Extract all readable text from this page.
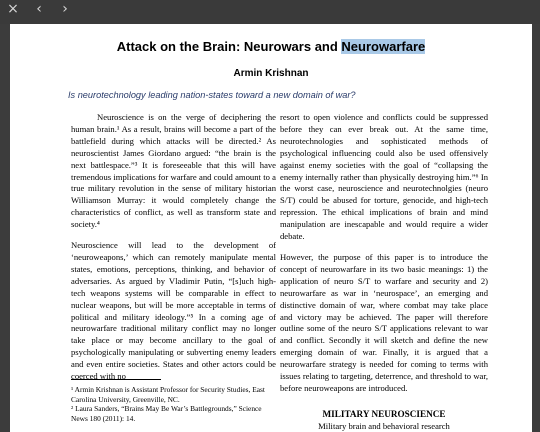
×	‹	›
Attack on the Brain: Neurowars and Neurowarfare
Armin Krishnan
Is neurotechnology leading nation-states toward a new domain of war?

Neuroscience is on the verge of deciphering the human brain.¹ As a result, brains will become a part of the battlefield during which attacks will be directed.² As neuroscientist James Giordano argued: “the brain is the next battlespace.”³ It is foreseeable that this will have tremendous implications for warfare and could amount to a true military revolution in the sense of military historian Williamson Murray: it would completely change the characteristics of conflict, as well as transform state and society.⁴

Neuroscience will lead to the development of ‘neuroweapons,’ which can remotely manipulate mental states, emotions, perceptions, thinking, and behavior of adversaries. As argued by Vladimir Putin, “[s]uch high-tech weapons systems will be comparable in effect to nuclear weapons, but will be more acceptable in terms of political and military ideology.”⁵ In a coming age of neurowarfare traditional military conflict may no longer take place or may become ancillary to the goal of psychologically manipulating or subverting enemy leaders and even entire societies. States and other actors could be coerced with no

resort to open violence and conflicts could be suppressed before they can ever break out. At the same time, neurotechnologies and sophisticated methods of psychological influencing could also be used offensively against enemy societies with the goal of “collapsing the enemy internally rather than physically destroying him.”⁶ In the worst case, neuroscience and neurotechnolgies (neuro S/T) could be abused for torture, genocide, and high-tech repression. The ethical implications of brain and mind manipulation are inescapable and would require a wider debate.

However, the purpose of this paper is to introduce the concept of neurowarfare in its two basic meanings: 1) the application of neuro S/T to warfare and security and 2) neurowarfare as war in ‘neurospace’, an emerging and distinctive domain of war, where combat may take place and victory may be achieved. The paper will therefore outline some of the neuro S/T applications relevant to war and conflict. Secondly it will sketch and define the new emerging domain of war. Finally, it is argued that a neurowarfare strategy is needed for coming to terms with issues relating to targeting, deterrence, and threshold to war, before neuroweapons are introduced.

¹ Armin Krishnan is Assistant Professor for Security Studies, East Carolina University, Greenville, NC.

² Laura Sanders, “Brains May Be War’s Battlegrounds,” Science News 180 (2011): 14.	MILITARY NEUROSCIENCE
Military brain and behavioral research
